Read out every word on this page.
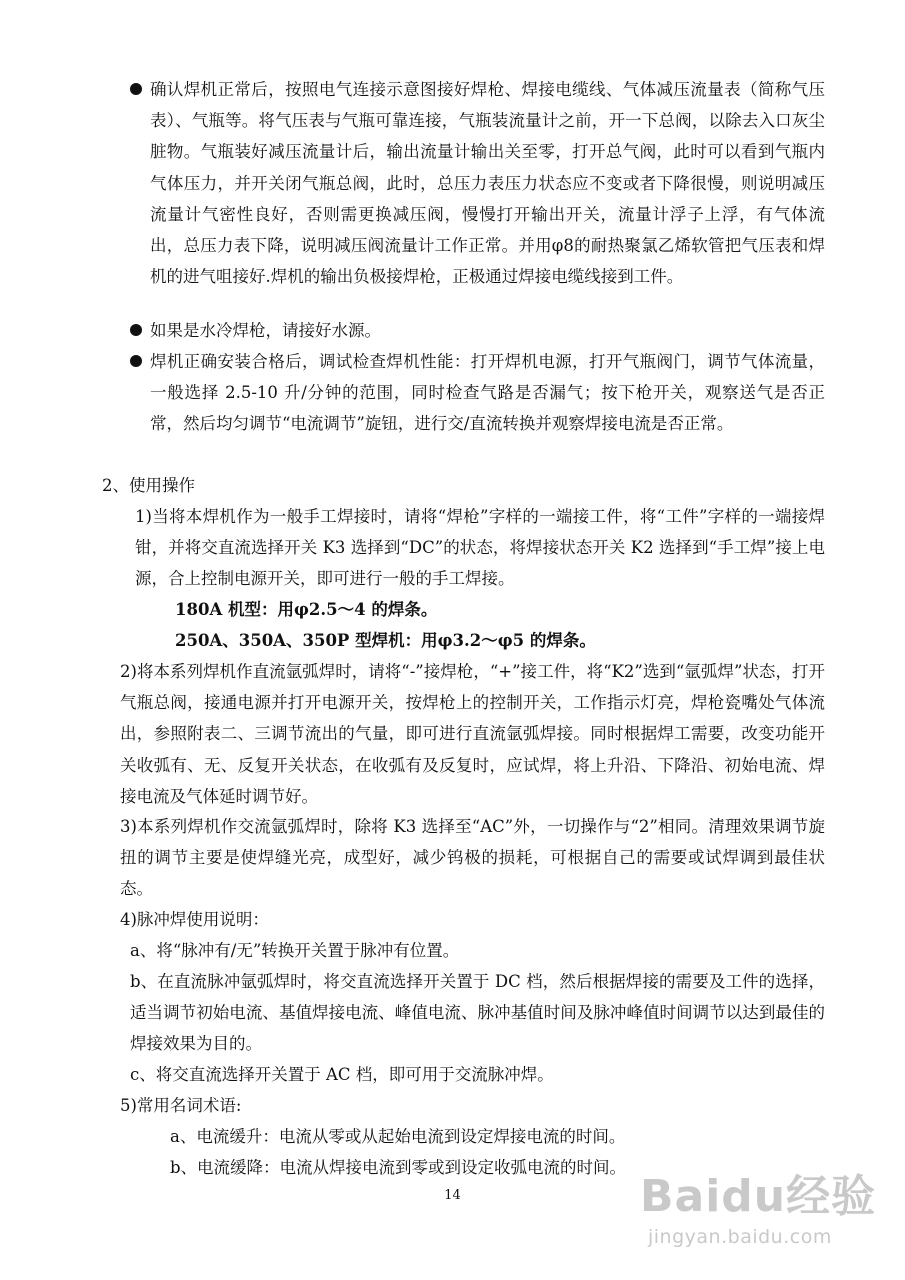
确认焊机正常后，按照电气连接示意图接好焊枪、焊接电缆线、气体减压流量表（简称气压表）、气瓶等。将气压表与气瓶可靠连接，气瓶装流量计之前，开一下总阀，以除去入口灰尘脏物。气瓶装好减压流量计后，输出流量计输出关至零，打开总气阀，此时可以看到气瓶内气体压力，并开关闭气瓶总阀，此时，总压力表压力状态应不变或者下降很慢，则说明减压流量计气密性良好，否则需更换减压阀，慢慢打开输出开关，流量计浮子上浮，有气体流出，总压力表下降，说明减压阀流量计工作正常。并用φ8的耐热聚氯乙烯软管把气压表和焊机的进气咀接好.焊机的输出负极接焊枪，正极通过焊接电缆线接到工件。

如果是水冷焊枪，请接好水源。

焊机正确安装合格后，调试检查焊机性能：打开焊机电源，打开气瓶阀门，调节气体流量，一般选择 2.5-10 升/分钟的范围，同时检查气路是否漏气；按下枪开关，观察送气是否正常，然后均匀调节“电流调节”旋钮，进行交/直流转换并观察焊接电流是否正常。

2、使用操作

1)当将本焊机作为一般手工焊接时，请将“焊枪”字样的一端接工件，将“工件”字样的一端接焊钳，并将交直流选择开关 K3 选择到“DC”的状态，将焊接状态开关 K2 选择到“手工焊”接上电源，合上控制电源开关，即可进行一般的手工焊接。

180A 机型：用φ2.5～4 的焊条。

250A、350A、350P 型焊机：用φ3.2～φ5 的焊条。

2)将本系列焊机作直流氩弧焊时，请将“-”接焊枪，“+”接工件，将“K2”选到“氩弧焊”状态，打开气瓶总阀，接通电源并打开电源开关，按焊枪上的控制开关，工作指示灯亮，焊枪瓷嘴处气体流出，参照附表二、三调节流出的气量，即可进行直流氩弧焊接。同时根据焊工需要，改变功能开关收弧有、无、反复开关状态，在收弧有及反复时，应试焊，将上升沿、下降沿、初始电流、焊接电流及气体延时调节好。

3)本系列焊机作交流氩弧焊时，除将 K3 选择至“AC”外，一切操作与“2”相同。清理效果调节旋扭的调节主要是使焊缝光亮，成型好，减少钨极的损耗，可根据自己的需要或试焊调到最佳状态。

4)脉冲焊使用说明：

a、将“脉冲有/无”转换开关置于脉冲有位置。

b、在直流脉冲氩弧焊时，将交直流选择开关置于 DC 档，然后根据焊接的需要及工件的选择，适当调节初始电流、基值焊接电流、峰值电流、脉冲基值时间及脉冲峰值时间调节以达到最佳的焊接效果为目的。

c、将交直流选择开关置于 AC 档，即可用于交流脉冲焊。

5)常用名词术语:

a、电流缓升：电流从零或从起始电流到设定焊接电流的时间。

b、电流缓降：电流从焊接电流到零或到设定收弧电流的时间。

14	Baidu经验
jingyan.baidu.com
